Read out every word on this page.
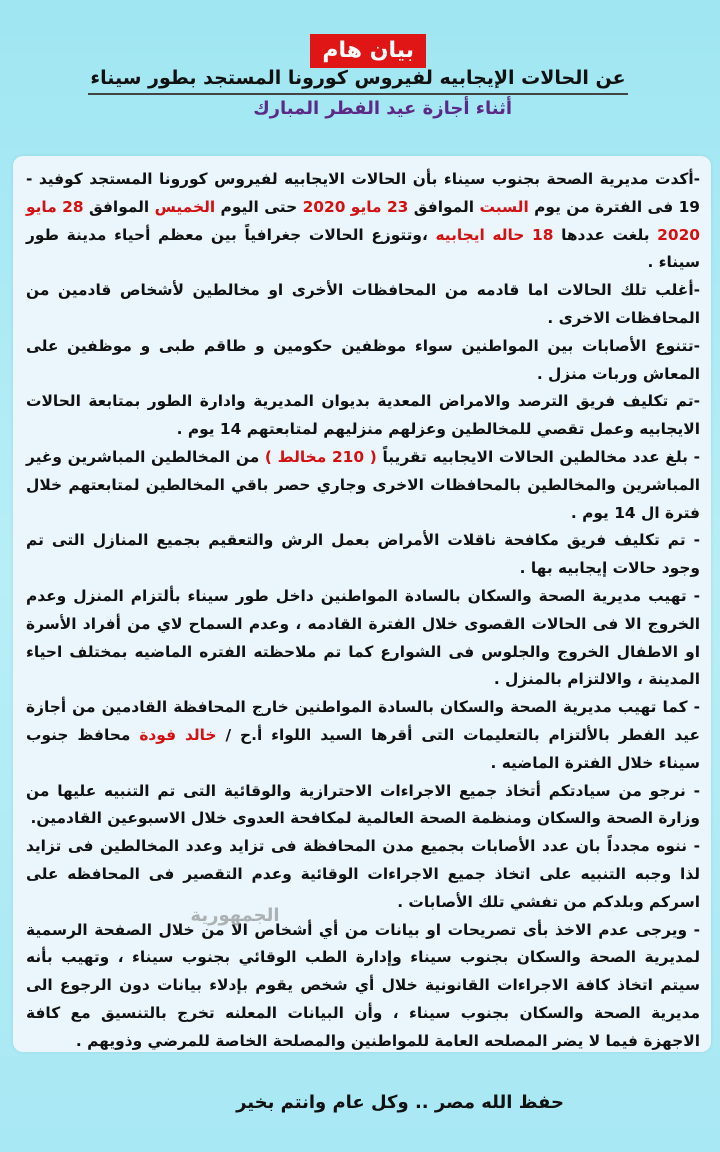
بيان هام
عن الحالات الإيجابيه لفيروس كورونا المستجد بطور سيناء
أثناء أجازة عيد الفطر المبارك

-أكدت مديرية الصحة بجنوب سيناء بأن الحالات الايجابيه لفيروس كورونا المستجد كوفيد - 19 فى الفترة من يوم السبت الموافق 23 مايو 2020 حتى اليوم الخميس الموافق 28 مايو 2020 بلغت عددها 18 حاله ايجابيه ،وتتوزع الحالات جغرافياً بين معظم أحياء مدينة طور سيناء .

-أغلب تلك الحالات اما قادمه من المحافظات الأخرى او مخالطين لأشخاص قادمين من المحافظات الاخرى .

-تتنوع الأصابات بين المواطنين سواء موظفين حكومين و طاقم طبى و موظفين على المعاش وربات منزل .

-تم تكليف فريق الترصد والامراض المعدية بديوان المديرية وادارة الطور بمتابعة الحالات الايجابيه وعمل تقصي للمخالطين وعزلهم منزليهم لمتابعتهم 14 يوم .

- بلغ عدد مخالطين الحالات الايجابيه تقريباً ( 210 مخالط ) من المخالطين المباشرين وغير المباشرين والمخالطين بالمحافظات الاخرى وجاري حصر باقي المخالطين لمتابعتهم خلال فترة ال 14 يوم .

- تم تكليف فريق مكافحة ناقلات الأمراض بعمل الرش والتعقيم بجميع المنازل التى تم وجود حالات إيجابيه بها .

- تهيب مديرية الصحة والسكان بالسادة المواطنين داخل طور سيناء بألتزام المنزل وعدم الخروج الا فى الحالات القصوى خلال الفترة القادمه ، وعدم السماح لاي من أفراد الأسرة او الاطفال الخروج والجلوس فى الشوارع كما تم ملاحظته الفتره الماضيه بمختلف احياء المدينة ، والالتزام بالمنزل .

- كما تهيب مديرية الصحة والسكان بالسادة المواطنين خارج المحافظة القادمين من أجازة عيد الفطر بالألتزام بالتعليمات التى أقرها السيد اللواء أ.ح / خالد فودة محافظ جنوب سيناء خلال الفترة الماضيه .

- نرجو من سيادتكم أتخاذ جميع الاجراءات الاحترازية والوقائية التى تم التنبيه عليها من وزارة الصحة والسكان ومنظمة الصحة العالمية لمكافحة العدوى خلال الاسبوعين القادمين.

- ننوه مجدداً بان عدد الأصابات بجميع مدن المحافظة فى تزايد وعدد المخالطين فى تزايد لذا وجبه التنبيه على اتخاذ جميع الاجراءات الوقائية وعدم التقصير فى المحافظه على اسركم وبلدكم من تفشي تلك الأصابات .

- ويرجى عدم الاخذ بأى تصريحات او بيانات من أي أشخاص الا من خلال الصفحة الرسمية لمديرية الصحة والسكان بجنوب سيناء وإدارة الطب الوقائي بجنوب سيناء ، وتهيب بأنه سيتم اتخاذ كافة الاجراءات القانونية خلال أي شخص يقوم بإدلاء بيانات دون الرجوع الى مديرية الصحة والسكان بجنوب سيناء ، وأن البيانات المعلنه تخرج بالتنسيق مع كافة الاجهزة فيما لا يضر المصلحه العامة للمواطنين والمصلحة الخاصة للمرضي وذويهم .

الجمهورية
حفظ الله مصر .. وكل عام وانتم بخير
